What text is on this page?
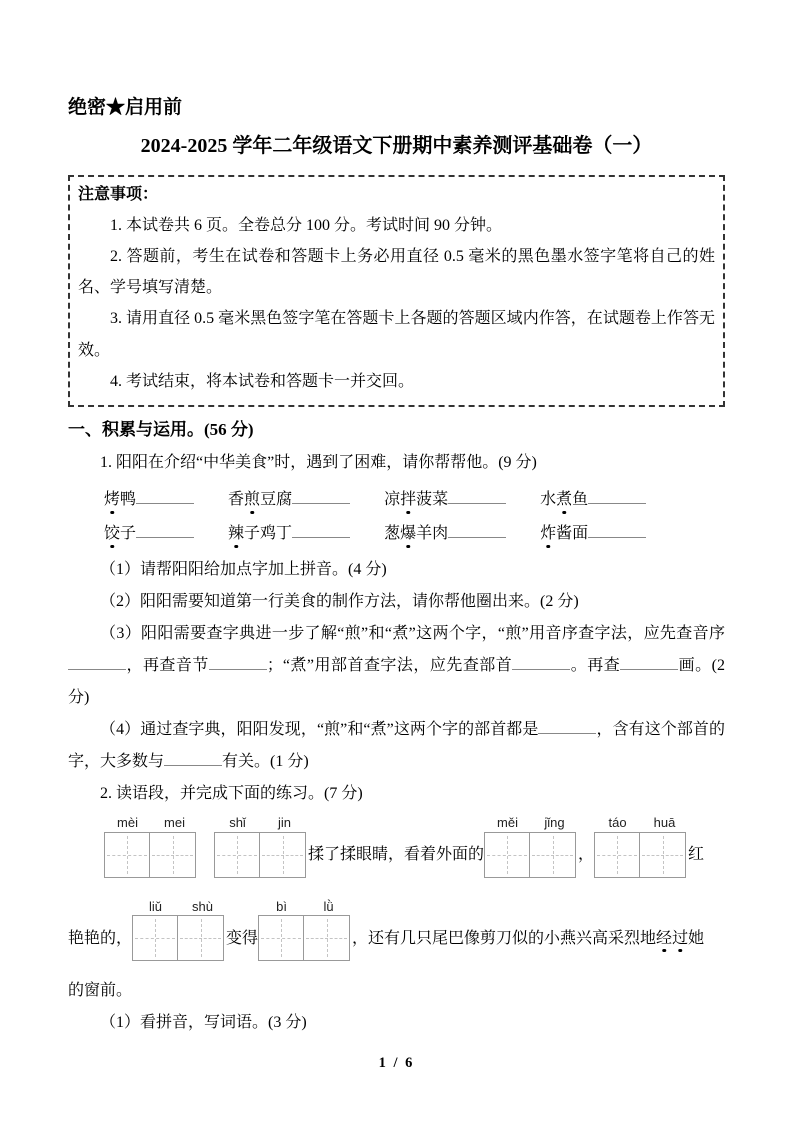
绝密★启用前
2024-2025 学年二年级语文下册期中素养测评基础卷（一）
注意事项：
1. 本试卷共 6 页。全卷总分 100 分。考试时间 90 分钟。
2. 答题前，考生在试卷和答题卡上务必用直径 0.5 毫米的黑色墨水签字笔将自己的姓名、学号填写清楚。
3. 请用直径 0.5 毫米黑色签字笔在答题卡上各题的答题区域内作答，在试题卷上作答无效。
4. 考试结束，将本试卷和答题卡一并交回。
一、积累与运用。(56 分)

1. 阳阳在介绍“中华美食”时，遇到了困难，请你帮帮他。(9 分)

烤鸭	香煎豆腐	凉拌菠菜	水煮鱼
饺子	辣子鸡丁	葱爆羊肉	炸酱面

（1）请帮阳阳给加点字加上拼音。(4 分)

（2）阳阳需要知道第一行美食的制作方法，请你帮他圈出来。(2 分)

（3）阳阳需要查字典进一步了解“煎”和“煮”这两个字，“煎”用音序查字法，应先查音序，再查音节	；“煮”用部首查字法，应先查部首	。再查	画。(2 分)

（4）通过查字典，阳阳发现，“煎”和“煮”这两个字的部首都是	，含有这个部首的字，大多数与	有关。(1 分)

2. 读语段，并完成下面的练习。(7 分)

mèi	mei	shǐ	jin
揉了揉眼睛，看着外面的
měi	jǐng
，
táo	huā
红
艳艳的，
liǔ	shù
变得
bì	lǜ
，还有几只尾巴像剪刀似的小燕兴高采烈地 经过 她

的窗前。

（1）看拼音，写词语。(3 分)

1 / 6
